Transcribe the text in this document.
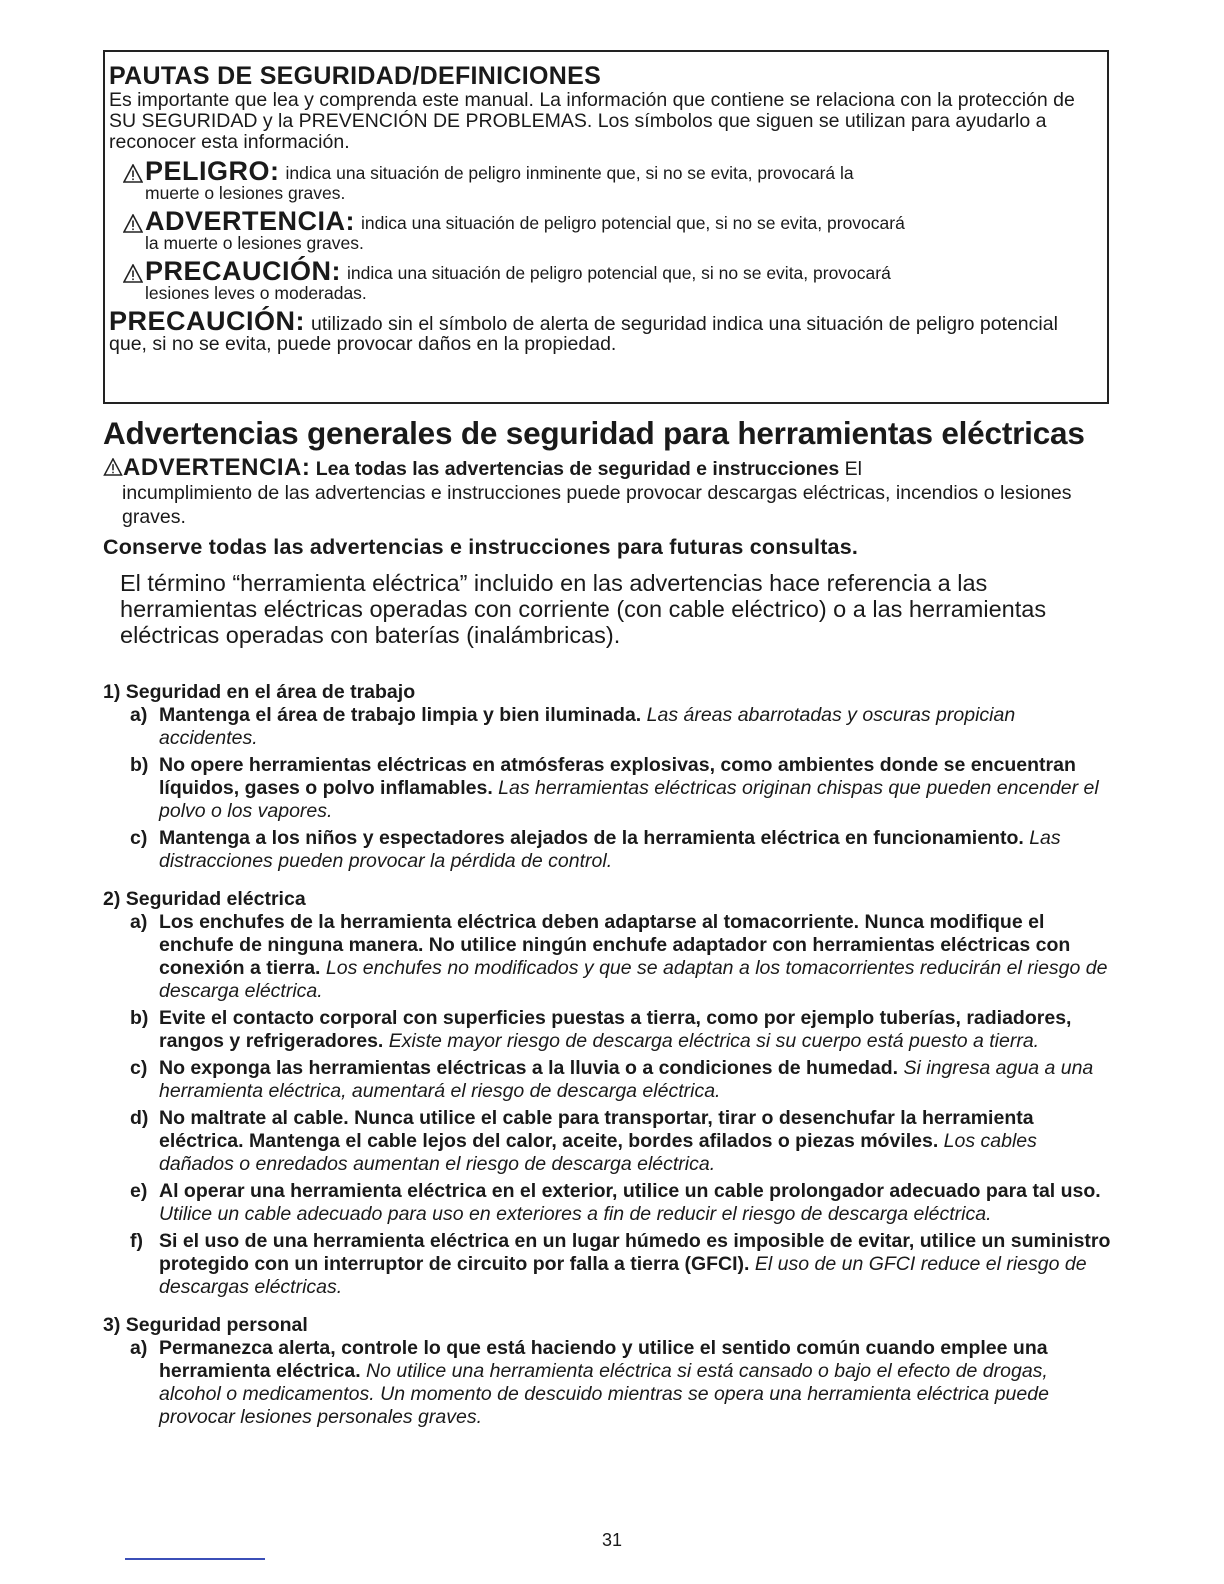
PAUTAS DE SEGURIDAD/DEFINICIONES

Es importante que lea y comprenda este manual. La información que contiene se relaciona con la protección de SU SEGURIDAD y la PREVENCIÓN DE PROBLEMAS. Los símbolos que siguen se utilizan para ayudarlo a reconocer esta información.

PELIGRO: indica una situación de peligro inminente que, si no se evita, provocará la
muerte o lesiones graves.
ADVERTENCIA: indica una situación de peligro potencial que, si no se evita, provocará
la muerte o lesiones graves.
PRECAUCIÓN: indica una situación de peligro potencial que, si no se evita, provocará
lesiones leves o moderadas.
PRECAUCIÓN: utilizado sin el símbolo de alerta de seguridad indica una situación de peligro potencial que, si no se evita, puede provocar daños en la propiedad.
Advertencias generales de seguridad para herramientas eléctricas
ADVERTENCIA: Lea todas las advertencias de seguridad e instrucciones El
incumplimiento de las advertencias e instrucciones puede provocar descargas eléctricas, incendios o lesiones graves.

Conserve todas las advertencias e instrucciones para futuras consultas.

El término “herramienta eléctrica” incluido en las advertencias hace referencia a las herramientas eléctricas operadas con corriente (con cable eléctrico) o a las herramientas eléctricas operadas con baterías (inalámbricas).

1) Seguridad en el área de trabajo

a) Mantenga el área de trabajo limpia y bien iluminada. Las áreas abarrotadas y oscuras propician accidentes.

b) No opere herramientas eléctricas en atmósferas explosivas, como ambientes donde se encuentran líquidos, gases o polvo inflamables. Las herramientas eléctricas originan chispas que pueden encender el polvo o los vapores.

c) Mantenga a los niños y espectadores alejados de la herramienta eléctrica en funcionamiento. Las distracciones pueden provocar la pérdida de control.

2) Seguridad eléctrica

a) Los enchufes de la herramienta eléctrica deben adaptarse al tomacorriente. Nunca modifique el enchufe de ninguna manera. No utilice ningún enchufe adaptador con herramientas eléctricas con conexión a tierra. Los enchufes no modificados y que se adaptan a los tomacorrientes reducirán el riesgo de descarga eléctrica.

b) Evite el contacto corporal con superficies puestas a tierra, como por ejemplo tuberías, radiadores, rangos y refrigeradores. Existe mayor riesgo de descarga eléctrica si su cuerpo está puesto a tierra.

c) No exponga las herramientas eléctricas a la lluvia o a condiciones de humedad. Si ingresa agua a una herramienta eléctrica, aumentará el riesgo de descarga eléctrica.

d) No maltrate al cable. Nunca utilice el cable para transportar, tirar o desenchufar la herramienta eléctrica. Mantenga el cable lejos del calor, aceite, bordes afilados o piezas móviles. Los cables dañados o enredados aumentan el riesgo de descarga eléctrica.

e) Al operar una herramienta eléctrica en el exterior, utilice un cable prolongador adecuado para tal uso. Utilice un cable adecuado para uso en exteriores a fin de reducir el riesgo de descarga eléctrica.

f) Si el uso de una herramienta eléctrica en un lugar húmedo es imposible de evitar, utilice un suministro protegido con un interruptor de circuito por falla a tierra (GFCI). El uso de un GFCI reduce el riesgo de descargas eléctricas.

3) Seguridad personal

a) Permanezca alerta, controle lo que está haciendo y utilice el sentido común cuando emplee una herramienta eléctrica. No utilice una herramienta eléctrica si está cansado o bajo el efecto de drogas, alcohol o medicamentos. Un momento de descuido mientras se opera una herramienta eléctrica puede provocar lesiones personales graves.

31
